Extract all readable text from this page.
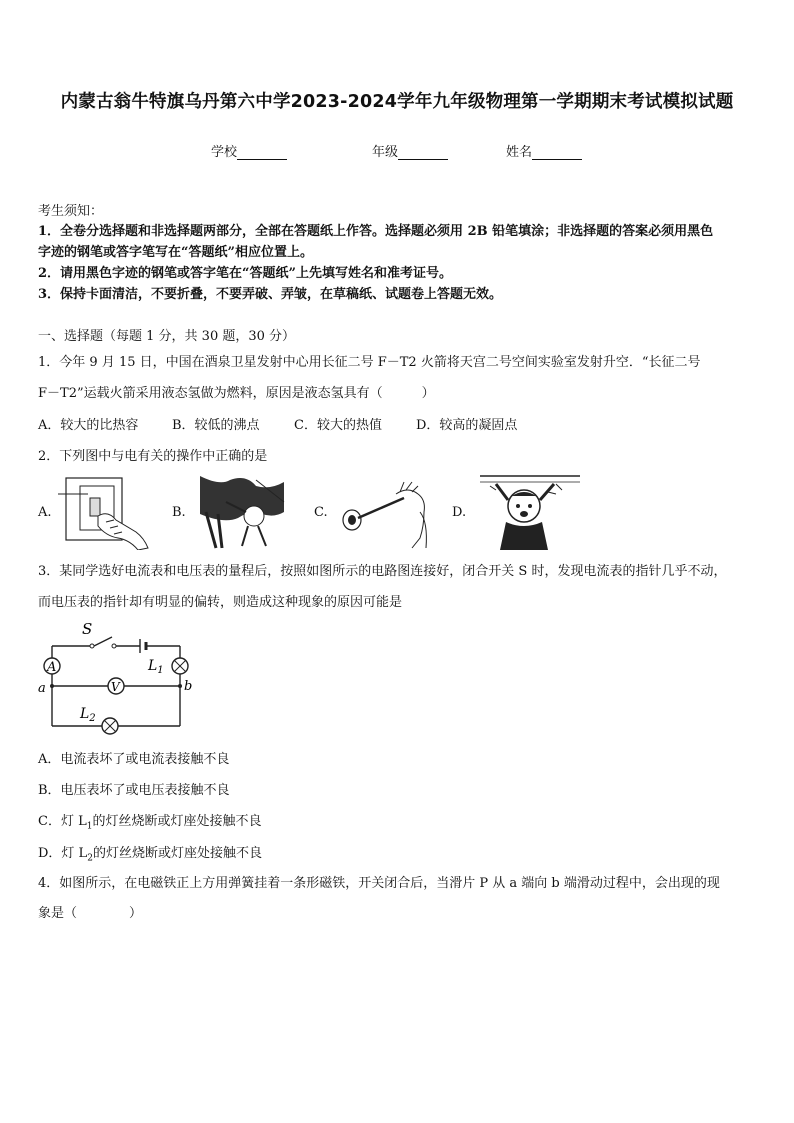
内蒙古翁牛特旗乌丹第六中学2023-2024学年九年级物理第一学期期末考试模拟试题
学校	年级	姓名
考生须知：
1．全卷分选择题和非选择题两部分，全部在答题纸上作答。选择题必须用 2B 铅笔填涂；非选择题的答案必须用黑色
字迹的钢笔或答字笔写在“答题纸”相应位置上。
2．请用黑色字迹的钢笔或答字笔在“答题纸”上先填写姓名和准考证号。
3．保持卡面清洁，不要折叠，不要弄破、弄皱，在草稿纸、试题卷上答题无效。
一、选择题（每题 1 分，共 30 题，30 分）
1．今年 9 月 15 日，中国在酒泉卫星发射中心用长征二号 F－T2 火箭将天宫二号空间实验室发射升空．“长征二号
F－T2”运载火箭采用液态氢做为燃料，原因是液态氢具有（　　　）
A．较大的比热容	B．较低的沸点	C．较大的热值	D．较高的凝固点
2．下列图中与电有关的操作中正确的是
A.	B.	C.	D.
3．某同学选好电流表和电压表的量程后，按照如图所示的电路图连接好，闭合开关 S 时，发现电流表的指针几乎不动，
而电压表的指针却有明显的偏转，则造成这种现象的原因可能是
S
A	$L_1$
V
a	b
$L_2$
A．电流表坏了或电流表接触不良
B．电压表坏了或电压表接触不良
C．灯 $L_1$的灯丝烧断或灯座处接触不良
D．灯 $L_2$的灯丝烧断或灯座处接触不良
4．如图所示，在电磁铁正上方用弹簧挂着一条形磁铁，开关闭合后，当滑片 P 从 a 端向 b 端滑动过程中，会出现的现
象是（　　　　）
